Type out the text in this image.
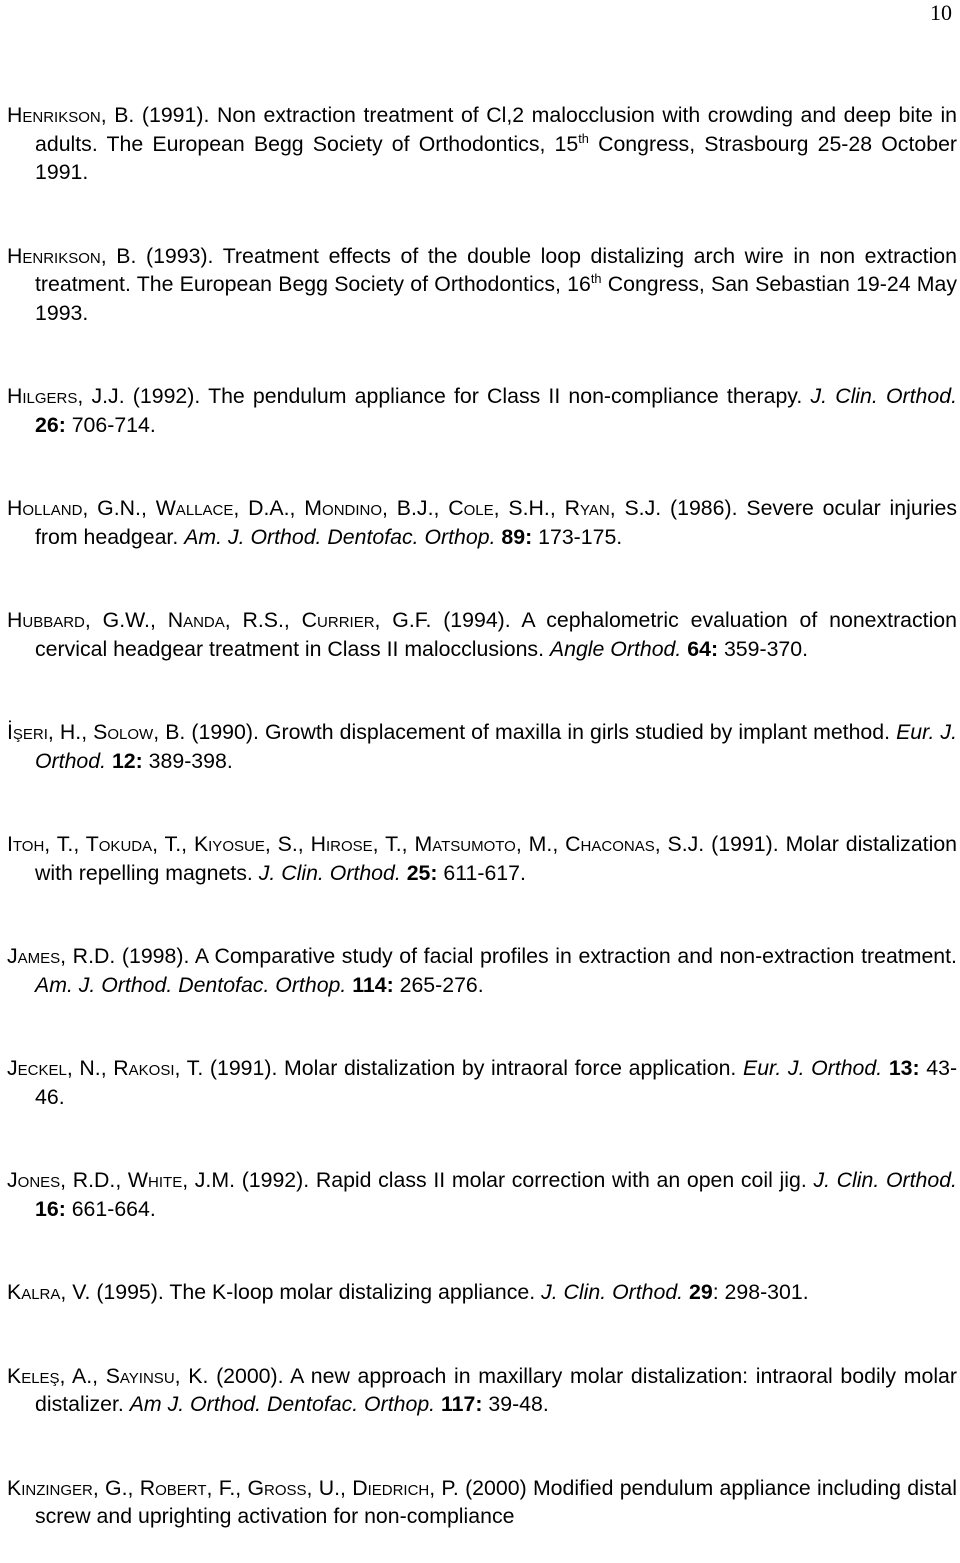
10

Henrikson, B. (1991). Non extraction treatment of Cl,2 malocclusion with crowding and deep bite in adults. The European Begg Society of Orthodontics, 15th Congress, Strasbourg 25-28 October 1991.

Henrikson, B. (1993). Treatment effects of the double loop distalizing arch wire in non extraction treatment. The European Begg Society of Orthodontics, 16th Congress, San Sebastian 19-24 May 1993.

Hilgers, J.J. (1992). The pendulum appliance for Class II non-compliance therapy. J. Clin. Orthod. 26: 706-714.

Holland, G.N., Wallace, D.A., Mondino, B.J., Cole, S.H., Ryan, S.J. (1986). Severe ocular injuries from headgear. Am. J. Orthod. Dentofac. Orthop. 89: 173-175.

Hubbard, G.W., Nanda, R.S., Currier, G.F. (1994). A cephalometric evaluation of nonextraction cervical headgear treatment in Class II malocclusions. Angle Orthod. 64: 359-370.

İşeri, H., Solow, B. (1990). Growth displacement of maxilla in girls studied by implant method. Eur. J. Orthod. 12: 389-398.

Itoh, T., Tokuda, T., Kiyosue, S., Hirose, T., Matsumoto, M., Chaconas, S.J. (1991). Molar distalization with repelling magnets. J. Clin. Orthod. 25: 611-617.

James, R.D. (1998). A Comparative study of facial profiles in extraction and non-extraction treatment. Am. J. Orthod. Dentofac. Orthop. 114: 265-276.

Jeckel, N., Rakosi, T. (1991). Molar distalization by intraoral force application. Eur. J. Orthod. 13: 43-46.

Jones, R.D., White, J.M. (1992). Rapid class II molar correction with an open coil jig. J. Clin. Orthod. 16: 661-664.

Kalra, V. (1995). The K-loop molar distalizing appliance. J. Clin. Orthod. 29: 298-301.

Keleş, A., Sayinsu, K. (2000). A new approach in maxillary molar distalization: intraoral bodily molar distalizer. Am J. Orthod. Dentofac. Orthop. 117: 39-48.

Kinzinger, G., Robert, F., Gross, U., Diedrich, P. (2000) Modified pendulum appliance including distal screw and uprighting activation for non-compliance
